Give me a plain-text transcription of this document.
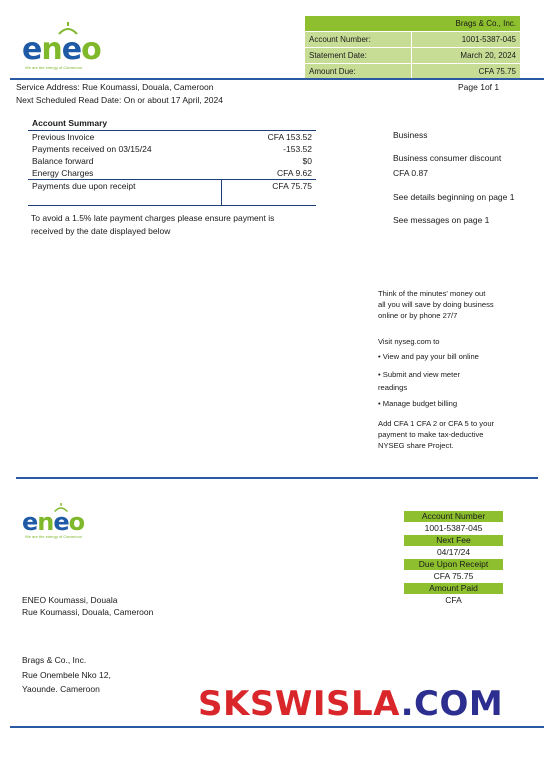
e n e o
We are the energy of Cameroon
Brags & Co., Inc.	
Account Number:	1001-5387-045
Statement Date:	March 20, 2024
Amount Due:	CFA 75.75
Service Address: Rue Koumassi, Douala, Cameroon
Next Scheduled Read Date: On or about 17 April, 2024
Page 1of 1
Account Summary
Previous Invoice	CFA 153.52
Payments received on 03/15/24	-153.52
Balance forward	$0
Energy Charges	CFA 9.62
Payments due upon receipt	CFA 75.75
To avoid a 1.5% late payment charges please ensure payment is
received by the date displayed below
Business
Business consumer discount
CFA 0.87
See details beginning on page 1
See messages on page 1
Think of the minutes' money out
all you will save by doing business
online or by phone 27/7
Visit nyseg.com to
• View and pay your bill online
• Submit and view meter
readings
• Manage budget billing
Add CFA 1 CFA 2 or CFA 5 to your
payment to make tax-deductive
NYSEG share Project.
e n e o
We are the energy of Cameroon
Account Number
1001-5387-045
Next Fee
04/17/24
Due Upon Receipt
CFA 75.75
Amount Paid
CFA
ENEO Koumassi, Douala
Rue Koumassi, Douala, Cameroon
Brags & Co., Inc.
Rue Onembele Nko 12,
Yaounde. Cameroon	SKSWISLA.COM
